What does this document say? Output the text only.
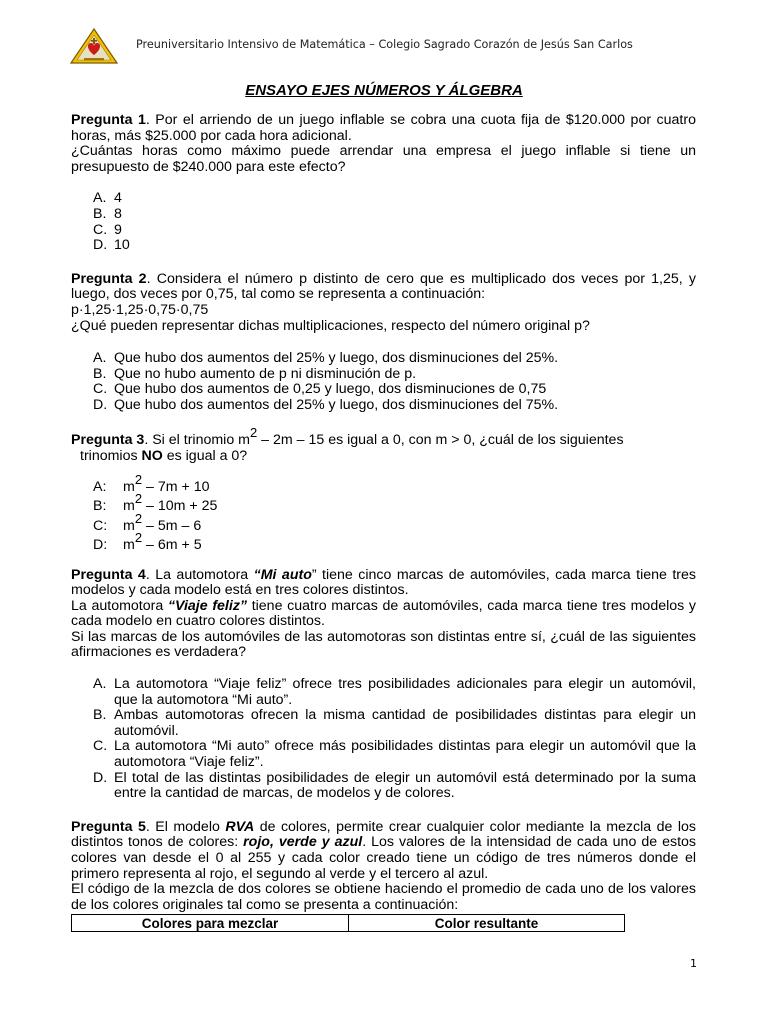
Preuniversitario Intensivo de Matemática – Colegio Sagrado Corazón de Jesús San Carlos
ENSAYO EJES NÚMEROS Y ÁLGEBRA

Pregunta 1. Por el arriendo de un juego inflable se cobra una cuota fija de $120.000 por cuatro horas, más $25.000 por cada hora adicional.

¿Cuántas horas como máximo puede arrendar una empresa el juego inflable si tiene un presupuesto de $240.000 para este efecto?

A. 4
B. 8
C. 9
D. 10

Pregunta 2. Considera el número p distinto de cero que es multiplicado dos veces por 1,25, y luego, dos veces por 0,75, tal como se representa a continuación:

p·1,25·1,25·0,75·0,75

¿Qué pueden representar dichas multiplicaciones, respecto del número original p?

A. Que hubo dos aumentos del 25% y luego, dos disminuciones del 25%.
B. Que no hubo aumento de p ni disminución de p.
C. Que hubo dos aumentos de 0,25 y luego, dos disminuciones de 0,75
D. Que hubo dos aumentos del 25% y luego, dos disminuciones del 75%.

Pregunta 3. Si el trinomio $m^2 - 2m - 15$ es igual a 0, con m > 0, ¿cuál de los siguientes

trinomios NO es igual a 0?

A:	$m^2 - 7m + 10$
B:	$m^2 - 10m + 25$
C:	$m^2 - 5m - 6$
D:	$m^2 - 6m + 5$

Pregunta 4. La automotora “Mi auto” tiene cinco marcas de automóviles, cada marca tiene tres modelos y cada modelo está en tres colores distintos.

La automotora “Viaje feliz” tiene cuatro marcas de automóviles, cada marca tiene tres modelos y cada modelo en cuatro colores distintos.

Si las marcas de los automóviles de las automotoras son distintas entre sí, ¿cuál de las siguientes afirmaciones es verdadera?

A. La automotora “Viaje feliz” ofrece tres posibilidades adicionales para elegir un automóvil, que la automotora “Mi auto”.
B. Ambas automotoras ofrecen la misma cantidad de posibilidades distintas para elegir un automóvil.
C. La automotora “Mi auto” ofrece más posibilidades distintas para elegir un automóvil que la automotora “Viaje feliz”.
D. El total de las distintas posibilidades de elegir un automóvil está determinado por la suma entre la cantidad de marcas, de modelos y de colores.

Pregunta 5. El modelo RVA de colores, permite crear cualquier color mediante la mezcla de los distintos tonos de colores: rojo, verde y azul. Los valores de la intensidad de cada uno de estos colores van desde el 0 al 255 y cada color creado tiene un código de tres números donde el primero representa al rojo, el segundo al verde y el tercero al azul.

El código de la mezcla de dos colores se obtiene haciendo el promedio de cada uno de los valores de los colores originales tal como se presenta a continuación:

Colores para mezclar	Color resultante
1
